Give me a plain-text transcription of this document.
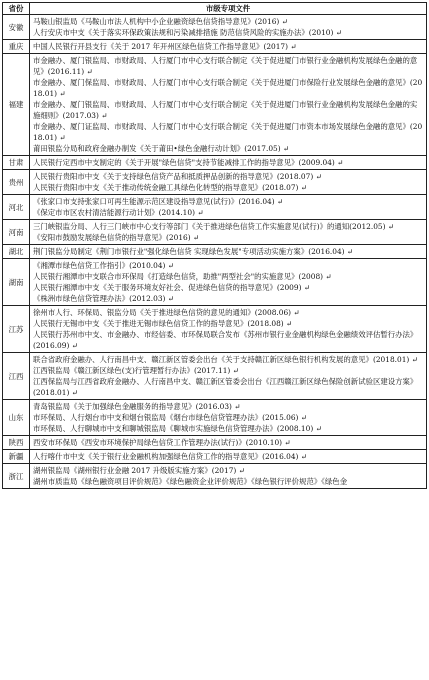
省份	市级专项文件
安徽	马鞍山银监局《马鞍山市法人机构中小企业融资绿色信贷指导意见》(2016) ↵
人行安庆市中支《关于落实环保政策法规和污染减排措施 防范信贷风险的实施办法》(2010) ↵

重庆	中国人民银行开县支行《关于 2017 年开州区绿色信贷工作指导意见》(2017) ↵

福建	市金融办、厦门银监局、市财政局、人行厦门市中心支行联合制定《关于促进厦门市银行业金融机构发展绿色金融的意见》(2016.11) ↵
市金融办、厦门保监局、市财政局、人行厦门市中心支行联合制定《关于促进厦门市保险行业发展绿色金融的意见》(2018.01) ↵
市金融办、厦门银监局、市财政局、人行厦门市中心支行联合制定《关于促进厦门市银行业金融机构发展绿色金融的实施细则》(2017.03) ↵
市金融办、厦门证监局、市财政局、人行厦门市中心支行联合制定《关于促进厦门市资本市场发展绿色金融的意见》(2018.01) ↵
莆田银监分局和政府金融办制发《关于莆田•绿色金融行动计划》(2017.05) ↵

甘肃	人民银行定西市中支制定的《关于开展"绿色信贷"支持节能减排工作的指导意见》(2009.04) ↵

贵州	人民银行贵阳市中支《关于支持绿色信贷产品和抵质押品创新的指导意见》(2018.07) ↵
人民银行贵阳市中支《关于推动传统金融工具绿色化转型的指导意见》(2018.07) ↵

河北	《张家口市支持张家口可再生能源示范区建设指导意见(试行)》(2016.04) ↵
《保定市市区农村清洁能源行动计划》(2014.10) ↵

河南	三门峡银监分局、人行三门峡市中心支行等部门《关于推进绿色信贷工作实施意见(试行)》的通知(2012.05) ↵
《安阳市鼓励发展绿色信贷的指导意见》(2016) ↵

湖北	荆门银监分局制定《荆门市银行业"强化绿色信贷 实现绿色发展"专项活动实施方案》(2016.04) ↵

湖南	《湘潭市绿色信贷工作指引》(2010.04) ↵
人民银行湘潭市中支联合市环保局《打造绿色信贷，助推"两型社会"的实施意见》(2008) ↵
人民银行湘潭市中支《关于服务环境友好社会、促进绿色信贷的指导意见》(2009) ↵
《株洲市绿色信贷管理办法》(2012.03) ↵

江苏	徐州市人行、环保局、银监分局《关于推进绿色信贷的意见的通知》(2008.06) ↵
人民银行无锡市中支《关于推进无锡市绿色信贷工作的指导意见》(2018.08) ↵
人民银行苏州市中支、市金融办、市经信委、市环保局联合发布《苏州市银行业金融机构绿色金融绩效评估暂行办法》(2016.09) ↵

江西	联合省政府金融办、人行南昌中支、赣江新区管委会出台《关于支持赣江新区绿色银行机构发展的意见》(2018.01) ↵
江西银监局《赣江新区绿色(支)行管理暂行办法》(2017.11) ↵
江西保监局与江西省政府金融办、人行南昌中支、赣江新区管委会出台《江西赣江新区绿色保险创新试验区建设方案》(2018.01) ↵

山东	青岛银监局《关于加强绿色金融服务的指导意见》(2016.03) ↵
市环保局、人行烟台市中支和烟台银监局《烟台市绿色信贷管理办法》(2015.06) ↵
市环保局、人行聊城市中支和聊城银监局《聊城市实施绿色信贷管理办法》(2008.10) ↵

陕西	西安市环保局《西安市环境保护局绿色信贷工作管理办法(试行)》(2010.10) ↵

新疆	人行喀什市中支《关于银行业金融机构加强绿色信贷工作的指导意见》(2016.04) ↵

浙江	湖州银监局《湖州银行业金融 2017 升级版实施方案》(2017) ↵
湖州市质监局《绿色融资项目评价规范》《绿色融资企业评价规范》《绿色银行评价规范》《绿色金
